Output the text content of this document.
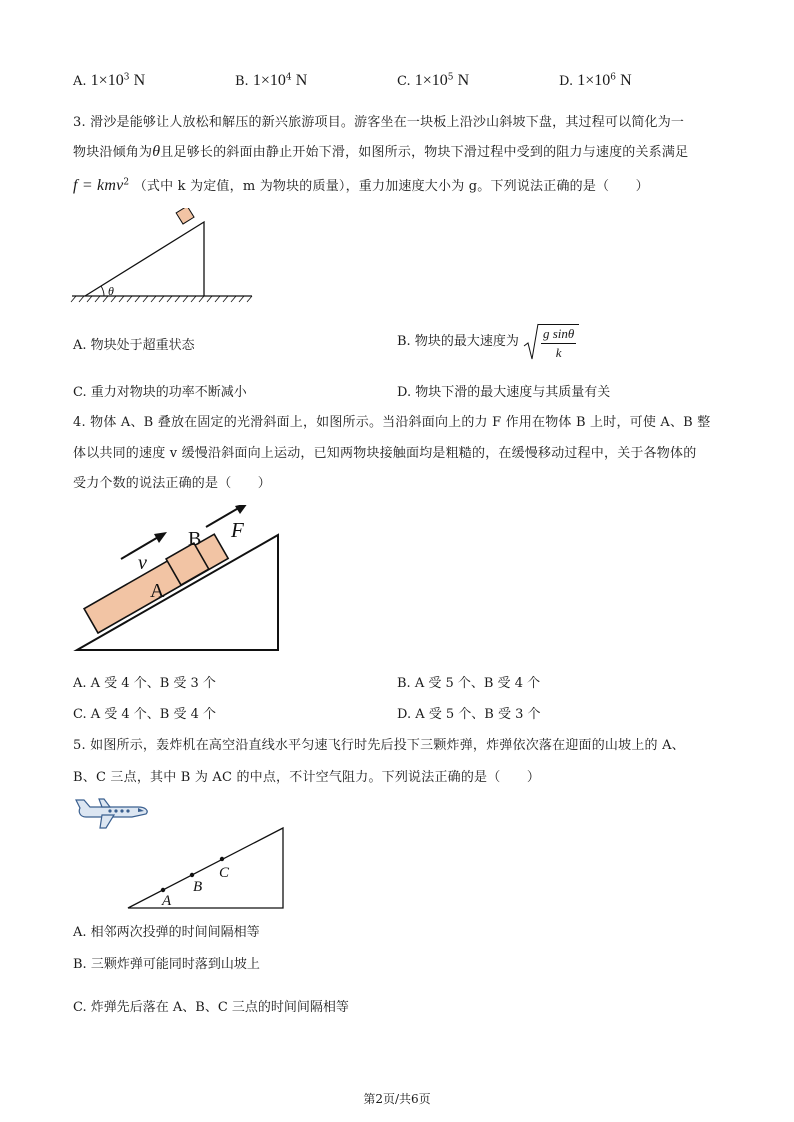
A. $1\times 10^3$ N	B. $1\times 10^4$ N	C. $1\times 10^5$ N	D. $1\times 10^6$ N
3. 滑沙是能够让人放松和解压的新兴旅游项目。游客坐在一块板上沿沙山斜坡下盘，其过程可以简化为一
物块沿倾角为θ且足够长的斜面由静止开始下滑，如图所示，物块下滑过程中受到的阻力与速度的关系满足
f = kmv$^2$ （式中 k 为定值，m 为物块的质量），重力加速度大小为 g。下列说法正确的是（　　）
θ
A. 物块处于超重状态	B. 物块的最大速度为 $\frac{\text{g sinθ}}{k}$
C. 重力对物块的功率不断减小	D. 物块下滑的最大速度与其质量有关
4. 物体 A、B 叠放在固定的光滑斜面上，如图所示。当沿斜面向上的力 F 作用在物体 B 上时，可使 A、B 整
体以共同的速度 v 缓慢沿斜面向上运动，已知两物块接触面均是粗糙的，在缓慢移动过程中，关于各物体的
受力个数的说法正确的是（　　）
A
B F
v
A. A 受 4 个、B 受 3 个	B. A 受 5 个、B 受 4 个
C. A 受 4 个、B 受 4 个	D. A 受 5 个、B 受 3 个
5. 如图所示，轰炸机在高空沿直线水平匀速飞行时先后投下三颗炸弹，炸弹依次落在迎面的山坡上的 A、
B、C 三点，其中 B 为 AC 的中点，不计空气阻力。下列说法正确的是（　　）
A
B
C
A. 相邻两次投弹的时间间隔相等
B. 三颗炸弹可能同时落到山坡上
C. 炸弹先后落在 A、B、C 三点的时间间隔相等
第2页/共6页
